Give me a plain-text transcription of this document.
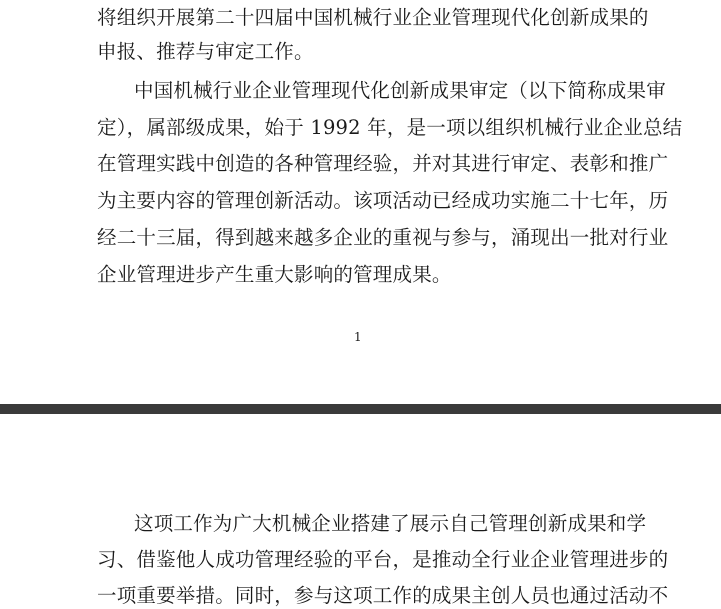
将组织开展第二十四届中国机械行业企业管理现代化创新成果的
申报、推荐与审定工作。
中国机械行业企业管理现代化创新成果审定（以下简称成果审
定），属部级成果，始于 1992 年，是一项以组织机械行业企业总结
在管理实践中创造的各种管理经验，并对其进行审定、表彰和推广
为主要内容的管理创新活动。该项活动已经成功实施二十七年，历
经二十三届，得到越来越多企业的重视与参与，涌现出一批对行业
企业管理进步产生重大影响的管理成果。
1
这项工作为广大机械企业搭建了展示自己管理创新成果和学
习、借鉴他人成功管理经验的平台，是推动全行业企业管理进步的
一项重要举措。同时，参与这项工作的成果主创人员也通过活动不
